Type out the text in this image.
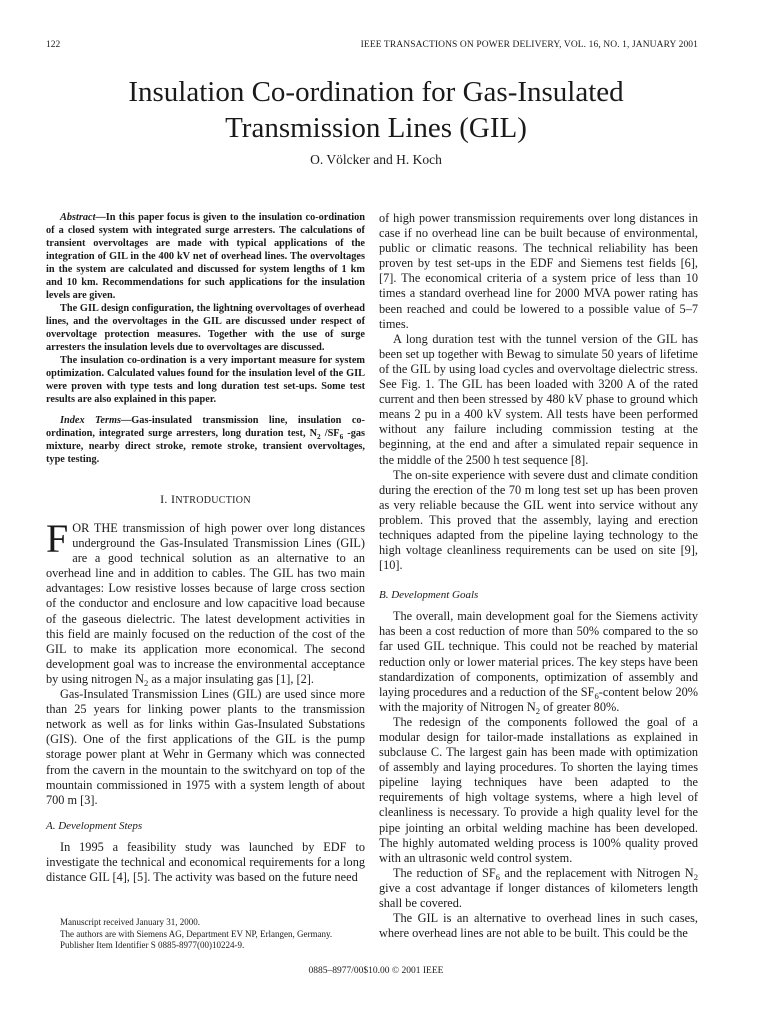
122	IEEE TRANSACTIONS ON POWER DELIVERY, VOL. 16, NO. 1, JANUARY 2001
Insulation Co-ordination for Gas-Insulated
Transmission Lines (GIL)
O. Völcker and H. Koch

Abstract—In this paper focus is given to the insulation co-ordination of a closed system with integrated surge arresters. The calculations of transient overvoltages are made with typical applications of the integration of GIL in the 400 kV net of overhead lines. The overvoltages in the system are calculated and discussed for system lengths of 1 km and 10 km. Recommendations for such applications for the insulation levels are given.

The GIL design configuration, the lightning overvoltages of overhead lines, and the overvoltages in the GIL are discussed under respect of overvoltage protection measures. Together with the use of surge arresters the insulation levels due to overvoltages are discussed.

The insulation co-ordination is a very important measure for system optimization. Calculated values found for the insulation level of the GIL were proven with type tests and long duration test set-ups. Some test results are also explained in this paper.

Index Terms—Gas-insulated transmission line, insulation co-ordination, integrated surge arresters, long duration test, $N_2$ $/SF_6$ -gas mixture, nearby direct stroke, remote stroke, transient overvoltages, type testing.

I. INTRODUCTION

FOR THE transmission of high power over long distances underground the Gas-Insulated Transmission Lines (GIL) are a good technical solution as an alternative to an overhead line and in addition to cables. The GIL has two main advantages: Low resistive losses because of large cross section of the conductor and enclosure and low capacitive load because of the gaseous dielectric. The latest development activities in this field are mainly focused on the reduction of the cost of the GIL to make its application more economical. The second development goal was to increase the environmental acceptance by using nitrogen $N_2$ as a major insulating gas [1], [2].

Gas-Insulated Transmission Lines (GIL) are used since more than 25 years for linking power plants to the transmission network as well as for links within Gas-Insulated Substations (GIS). One of the first applications of the GIL is the pump storage power plant at Wehr in Germany which was connected from the cavern in the mountain to the switchyard on top of the mountain commissioned in 1975 with a system length of about 700 m [3].

A. Development Steps

In 1995 a feasibility study was launched by EDF to investigate the technical and economical requirements for a long distance GIL [4], [5]. The activity was based on the future need

of high power transmission requirements over long distances in case if no overhead line can be built because of environmental, public or climatic reasons. The technical reliability has been proven by test set-ups in the EDF and Siemens test fields [6], [7]. The economical criteria of a system price of less than 10 times a standard overhead line for 2000 MVA power rating has been reached and could be lowered to a possible value of 5–7 times.

A long duration test with the tunnel version of the GIL has been set up together with Bewag to simulate 50 years of lifetime of the GIL by using load cycles and overvoltage dielectric stress. See Fig. 1. The GIL has been loaded with 3200 A of the rated current and then been stressed by 480 kV phase to ground which means 2 pu in a 400 kV system. All tests have been performed without any failure including commission testing at the beginning, at the end and after a simulated repair sequence in the middle of the 2500 h test sequence [8].

The on-site experience with severe dust and climate condition during the erection of the 70 m long test set up has been proven as very reliable because the GIL went into service without any problem. This proved that the assembly, laying and erection techniques adapted from the pipeline laying technology to the high voltage cleanliness requirements can be used on site [9], [10].

B. Development Goals

The overall, main development goal for the Siemens activity has been a cost reduction of more than 50% compared to the so far used GIL technique. This could not be reached by material reduction only or lower material prices. The key steps have been standardization of components, optimization of assembly and laying procedures and a reduction of the $SF_6$-content below 20% with the majority of Nitrogen $N_2$ of greater 80%.

The redesign of the components followed the goal of a modular design for tailor-made installations as explained in subclause C. The largest gain has been made with optimization of assembly and laying procedures. To shorten the laying times pipeline laying techniques have been adapted to the requirements of high voltage systems, where a high level of cleanliness is necessary. To provide a high quality level for the pipe jointing an orbital welding machine has been developed. The highly automated welding process is 100% quality proved with an ultrasonic weld control system.

The reduction of $SF_6$ and the replacement with Nitrogen $N_2$ give a cost advantage if longer distances of kilometers length shall be covered.

The GIL is an alternative to overhead lines in such cases, where overhead lines are not able to be built. This could be the

Manuscript received January 31, 2000.
The authors are with Siemens AG, Department EV NP, Erlangen, Germany.
Publisher Item Identifier S 0885-8977(00)10224-9.
0885–8977/00$10.00 © 2001 IEEE
